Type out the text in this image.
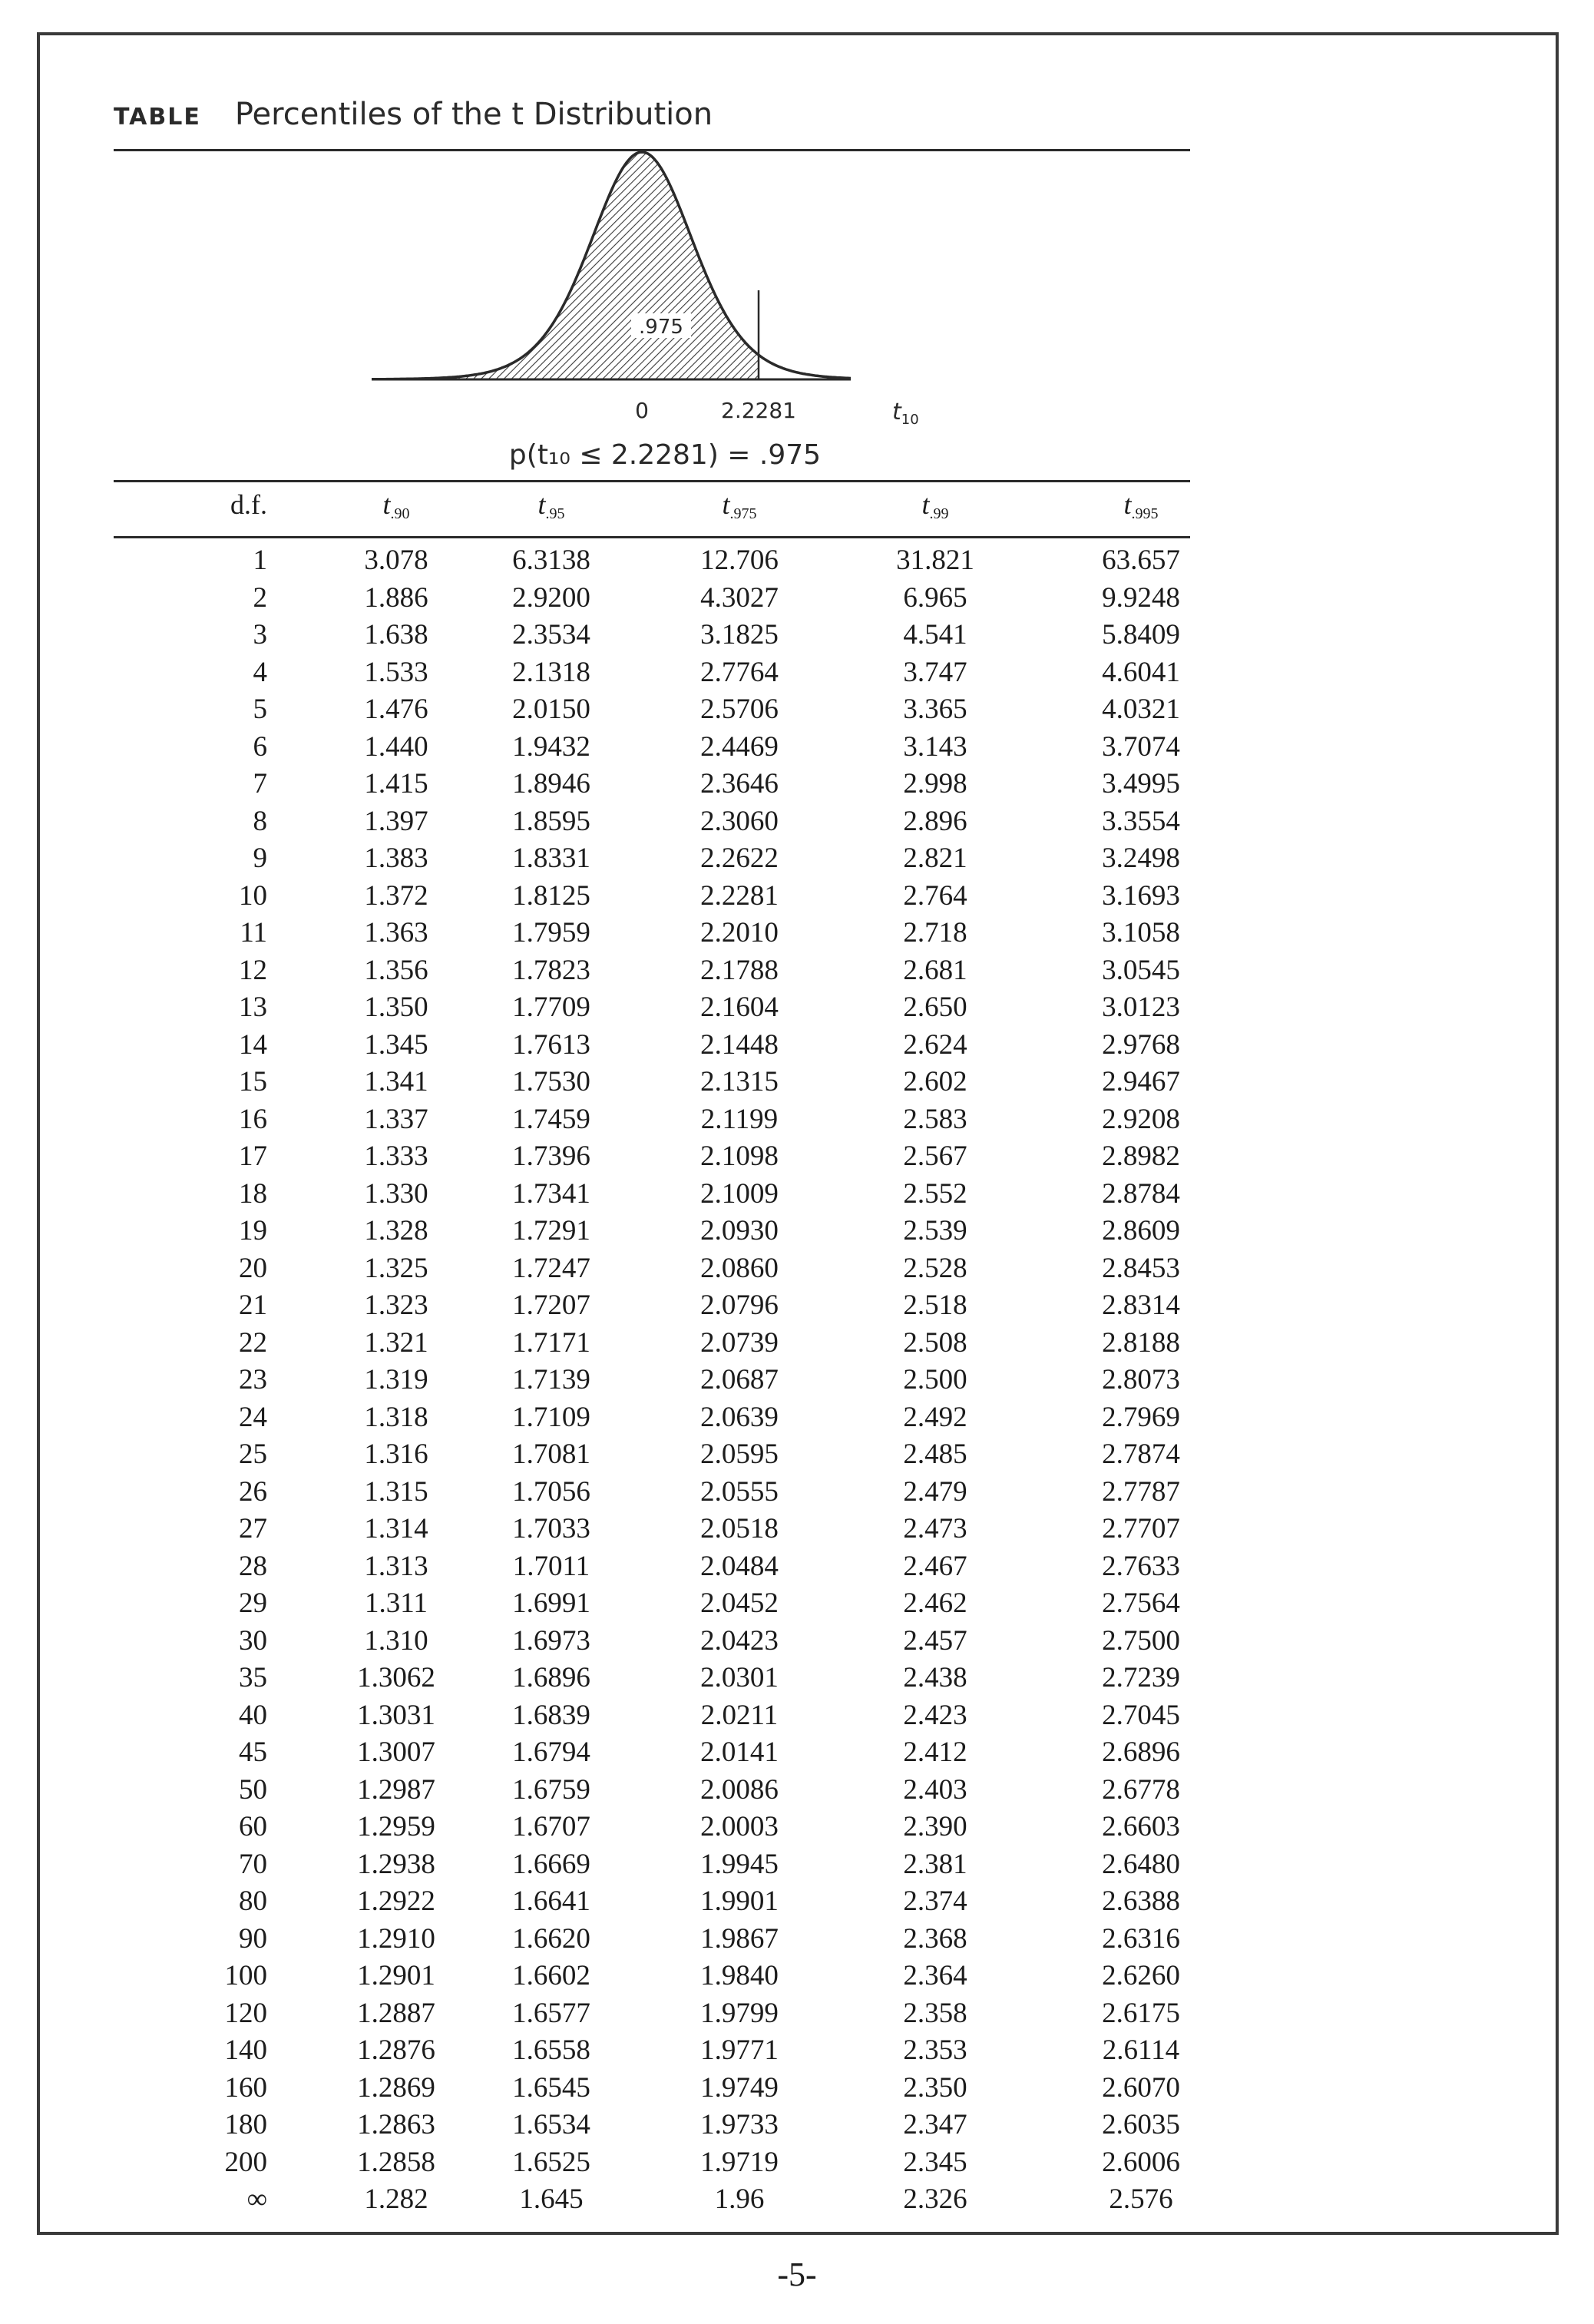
TABLE Percentiles of the t Distribution
.975
0	2.2281	$t_{10}$
p(t₁₀ ≤ 2.2281) = .975
d.f.	$t_{.90}$	$t_{.95}$	$t_{.975}$	$t_{.99}$	$t_{.995}$
1	3.078	6.3138	12.706	31.821	63.657
2	1.886	2.9200	4.3027	6.965	9.9248
3	1.638	2.3534	3.1825	4.541	5.8409
4	1.533	2.1318	2.7764	3.747	4.6041
5	1.476	2.0150	2.5706	3.365	4.0321
6	1.440	1.9432	2.4469	3.143	3.7074
7	1.415	1.8946	2.3646	2.998	3.4995
8	1.397	1.8595	2.3060	2.896	3.3554
9	1.383	1.8331	2.2622	2.821	3.2498
10	1.372	1.8125	2.2281	2.764	3.1693
11	1.363	1.7959	2.2010	2.718	3.1058
12	1.356	1.7823	2.1788	2.681	3.0545
13	1.350	1.7709	2.1604	2.650	3.0123
14	1.345	1.7613	2.1448	2.624	2.9768
15	1.341	1.7530	2.1315	2.602	2.9467
16	1.337	1.7459	2.1199	2.583	2.9208
17	1.333	1.7396	2.1098	2.567	2.8982
18	1.330	1.7341	2.1009	2.552	2.8784
19	1.328	1.7291	2.0930	2.539	2.8609
20	1.325	1.7247	2.0860	2.528	2.8453
21	1.323	1.7207	2.0796	2.518	2.8314
22	1.321	1.7171	2.0739	2.508	2.8188
23	1.319	1.7139	2.0687	2.500	2.8073
24	1.318	1.7109	2.0639	2.492	2.7969
25	1.316	1.7081	2.0595	2.485	2.7874
26	1.315	1.7056	2.0555	2.479	2.7787
27	1.314	1.7033	2.0518	2.473	2.7707
28	1.313	1.7011	2.0484	2.467	2.7633
29	1.311	1.6991	2.0452	2.462	2.7564
30	1.310	1.6973	2.0423	2.457	2.7500
35	1.3062	1.6896	2.0301	2.438	2.7239
40	1.3031	1.6839	2.0211	2.423	2.7045
45	1.3007	1.6794	2.0141	2.412	2.6896
50	1.2987	1.6759	2.0086	2.403	2.6778
60	1.2959	1.6707	2.0003	2.390	2.6603
70	1.2938	1.6669	1.9945	2.381	2.6480
80	1.2922	1.6641	1.9901	2.374	2.6388
90	1.2910	1.6620	1.9867	2.368	2.6316
100	1.2901	1.6602	1.9840	2.364	2.6260
120	1.2887	1.6577	1.9799	2.358	2.6175
140	1.2876	1.6558	1.9771	2.353	2.6114
160	1.2869	1.6545	1.9749	2.350	2.6070
180	1.2863	1.6534	1.9733	2.347	2.6035
200	1.2858	1.6525	1.9719	2.345	2.6006
∞	1.282	1.645	1.96	2.326	2.576
-5-
